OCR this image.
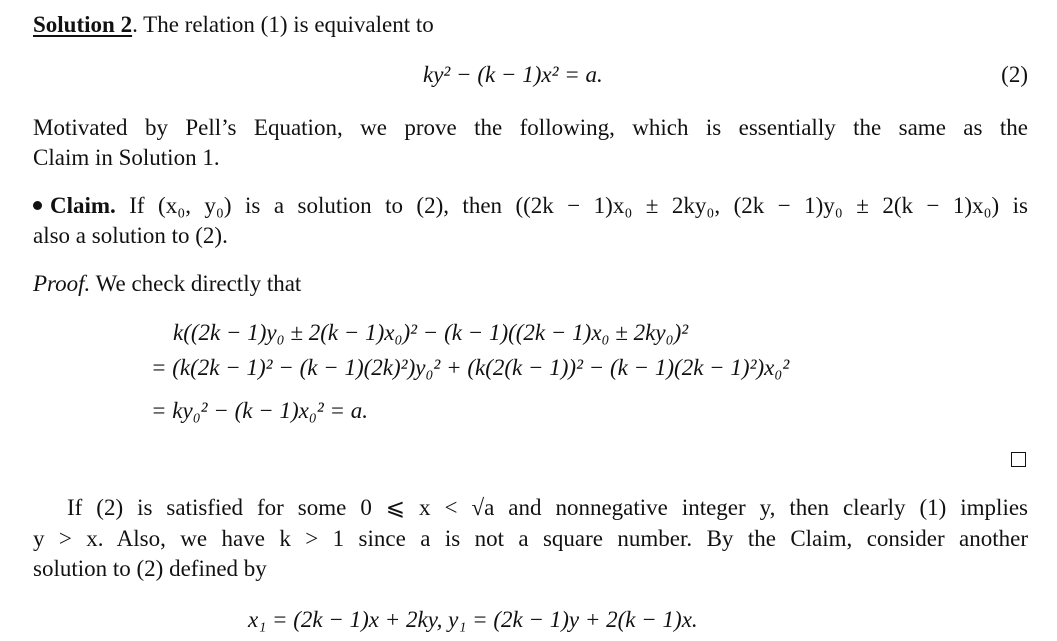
Solution 2. The relation (1) is equivalent to
ky² − (k − 1)x² = a.	(2)
Motivated by Pell’s Equation, we prove the following, which is essentially the same as the
Claim in Solution 1.
Claim. If (x₀, y₀) is a solution to (2), then ((2k − 1)x₀ ± 2ky₀, (2k − 1)y₀ ± 2(k − 1)x₀) is
also a solution to (2).
Proof. We check directly that
k((2k − 1)y₀ ± 2(k − 1)x₀)² − (k − 1)((2k − 1)x₀ ± 2ky₀)²
= (k(2k − 1)² − (k − 1)(2k)²)y₀² + (k(2(k − 1))² − (k − 1)(2k − 1)²)x₀²
= ky₀² − (k − 1)x₀² = a.
If (2) is satisfied for some 0 ⩽ x < √a and nonnegative integer y, then clearly (1) implies
y > x. Also, we have k > 1 since a is not a square number. By the Claim, consider another
solution to (2) defined by
x₁ = (2k − 1)x + 2ky, y₁ = (2k − 1)y + 2(k − 1)x.
